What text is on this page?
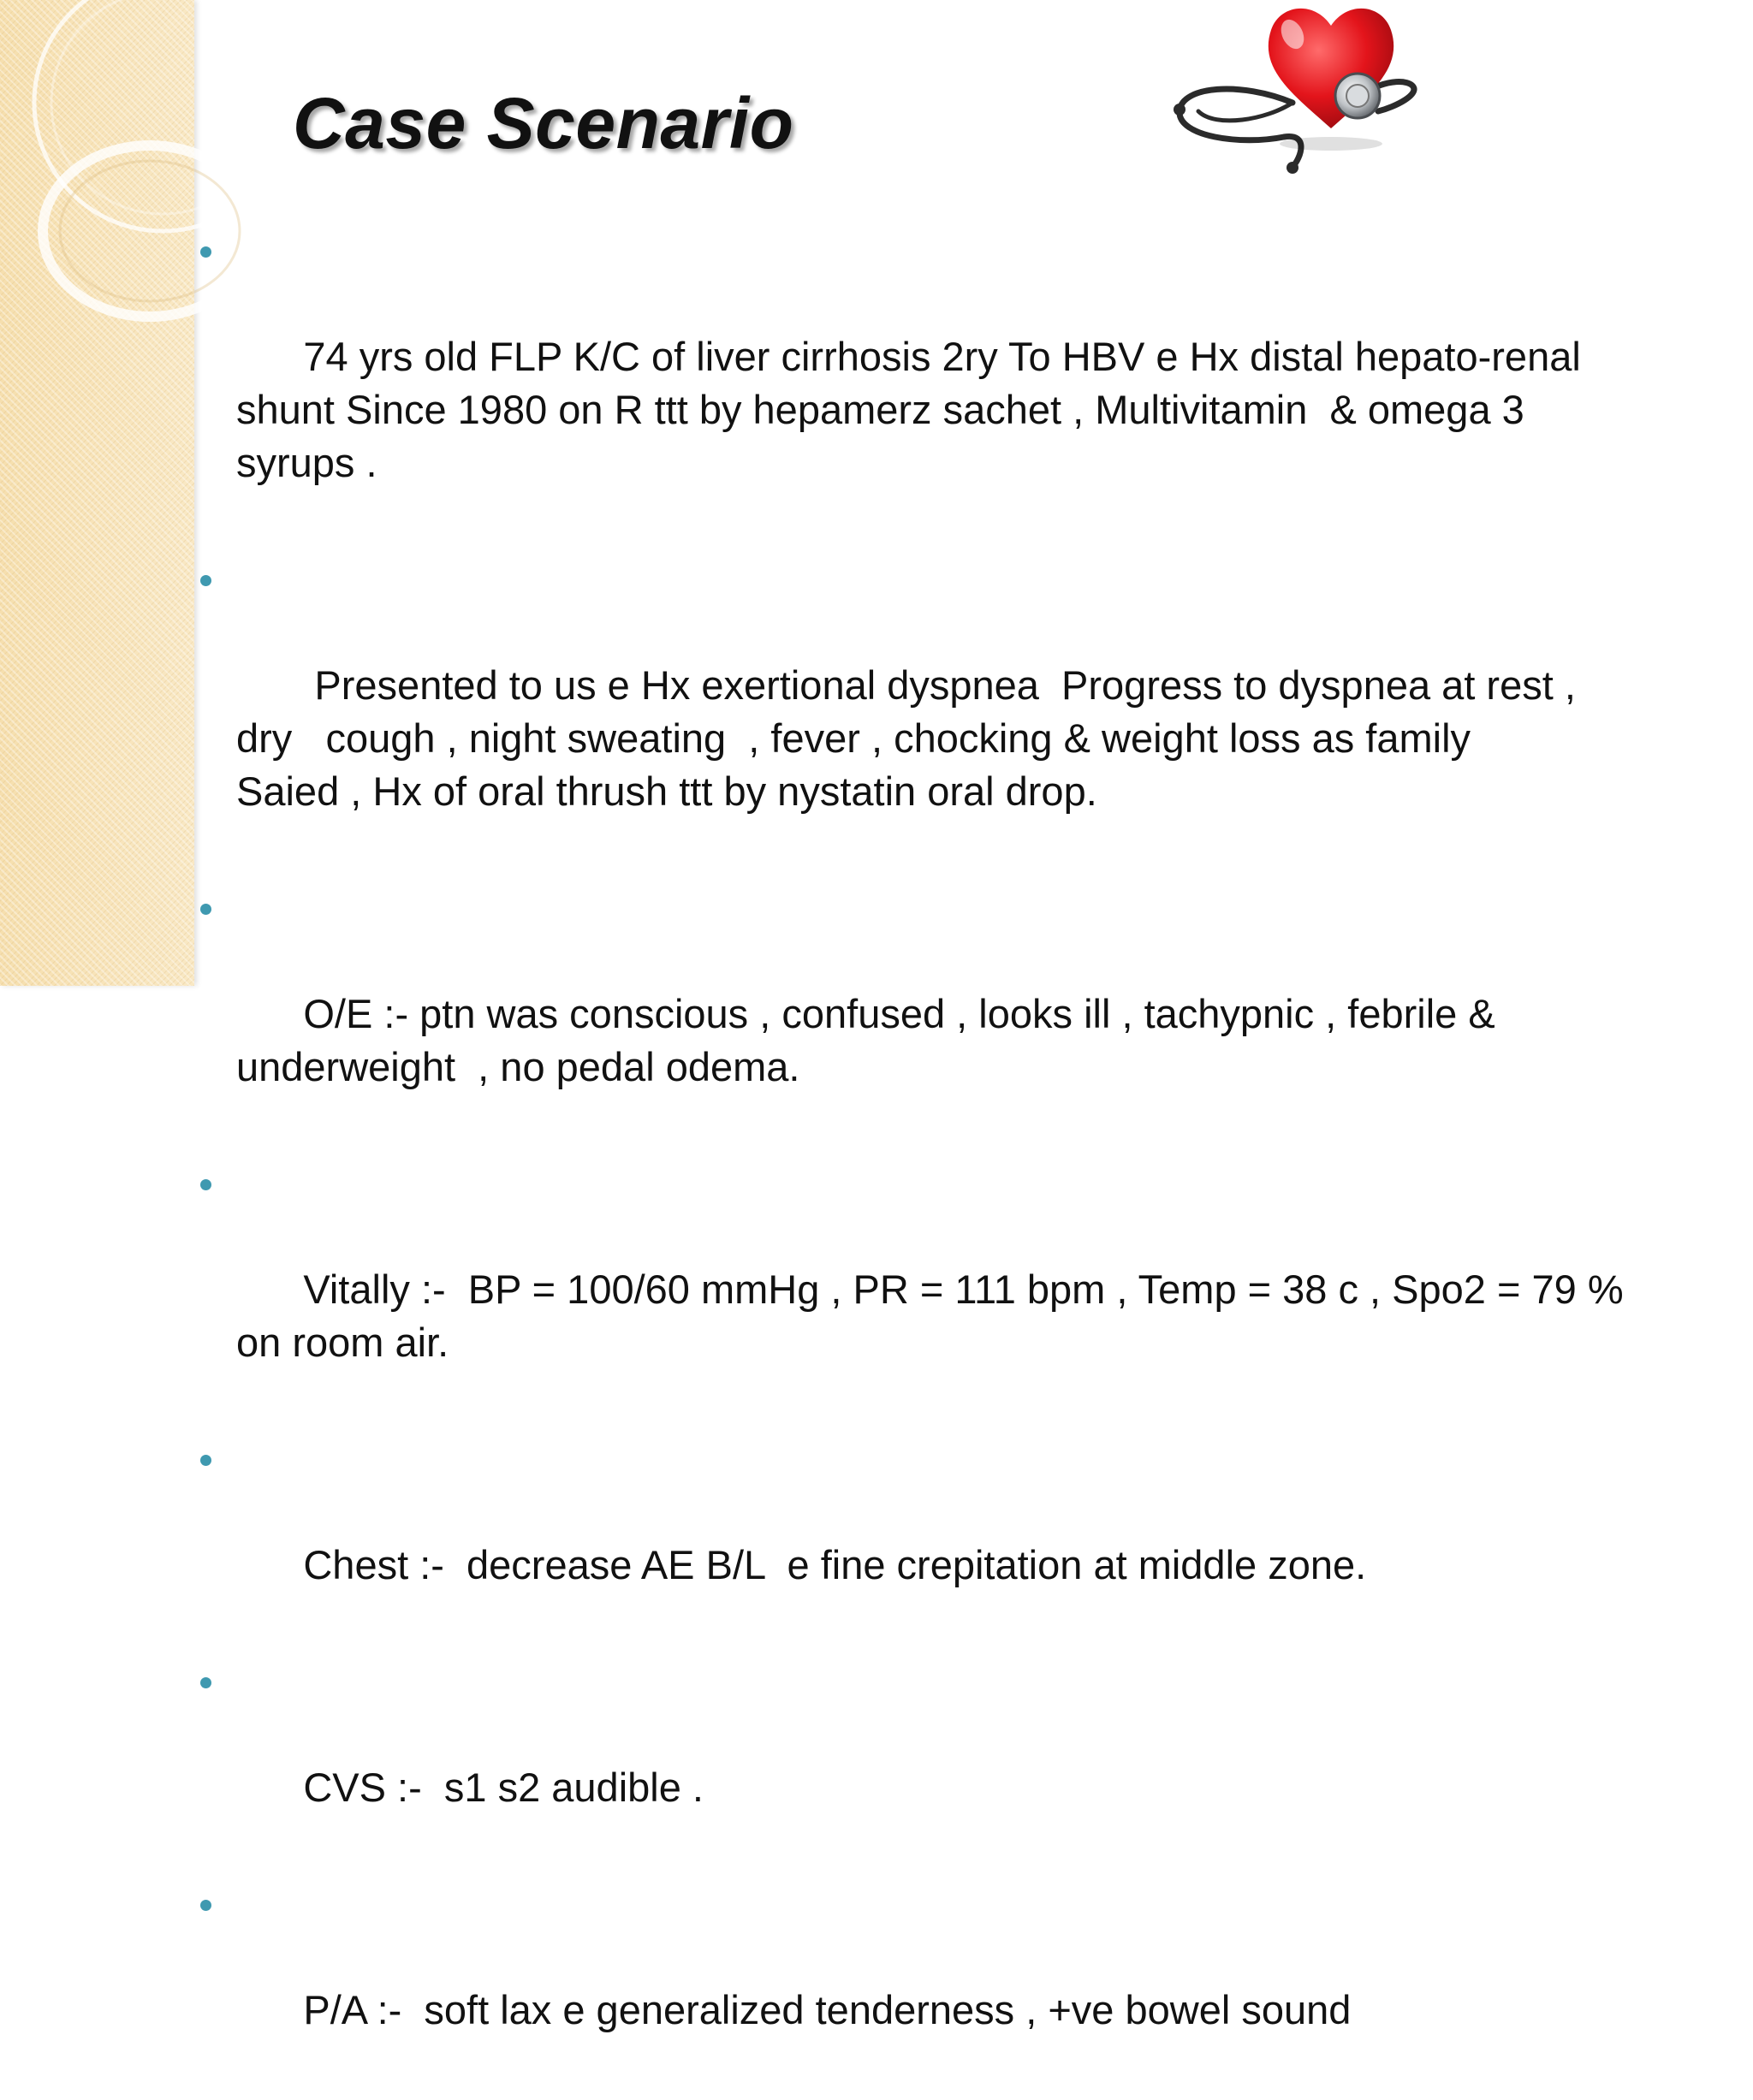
Case Scenario

74 yrs old FLP K/C of liver cirrhosis 2ry To HBV e Hx distal hepato-renal
shunt Since 1980 on R ttt by hepamerz sachet , Multivitamin  & omega 3
syrups .

Presented to us e Hx exertional dyspnea  Progress to dyspnea at rest ,
dry   cough , night sweating  , fever , chocking & weight loss as family
Saied , Hx of oral thrush ttt by nystatin oral drop.

O/E :- ptn was conscious , confused , looks ill , tachypnic , febrile &
underweight  , no pedal odema.

Vitally :-  BP = 100/60 mmHg , PR = 111 bpm , Temp = 38 c , Spo2 = 79 %
on room air.

Chest :-  decrease AE B/L  e fine crepitation at middle zone.

CVS :-  s1 s2 audible .

P/A :-  soft lax e generalized tenderness , +ve bowel sound
